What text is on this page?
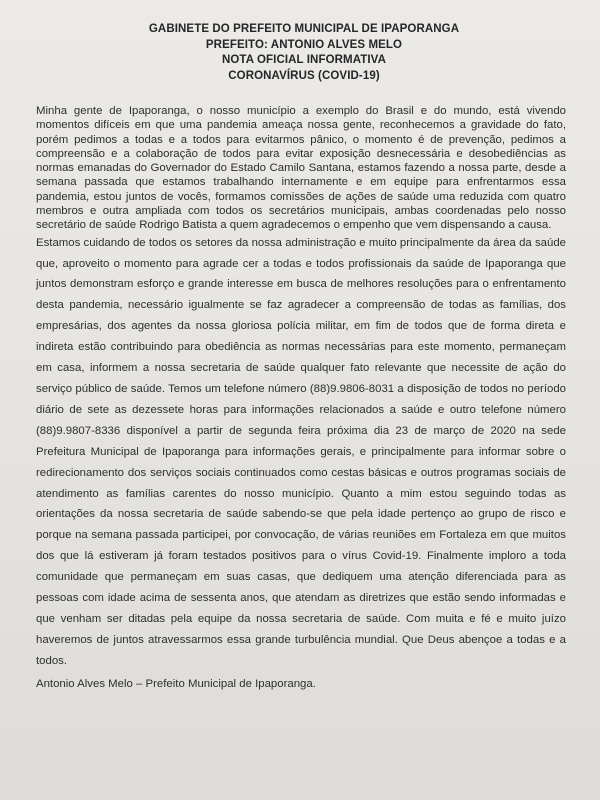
GABINETE DO PREFEITO MUNICIPAL DE IPAPORANGA
PREFEITO: ANTONIO ALVES MELO
NOTA OFICIAL INFORMATIVA
CORONAVÍRUS (COVID-19)

Minha gente de Ipaporanga, o nosso município a exemplo do Brasil e do mundo, está vivendo momentos difíceis em que uma pandemia ameaça nossa gente, reconhecemos a gravidade do fato, porém pedimos a todas e a todos para evitarmos pânico, o momento é de prevenção, pedimos a compreensão e a colaboração de todos para evitar exposição desnecessária e desobediências as normas emanadas do Governador do Estado Camilo Santana, estamos fazendo a nossa parte, desde a semana passada que estamos trabalhando internamente e em equipe para enfrentarmos essa pandemia, estou juntos de vocês, formamos comissões de ações de saúde uma reduzida com quatro membros e outra ampliada com todos os secretários municipais, ambas coordenadas pelo nosso secretário de saúde Rodrigo Batista a quem agradecemos o empenho que vem dispensando a causa.

Estamos cuidando de todos os setores da nossa administração e muito principalmente da área da saúde que, aproveito o momento para agrade cer a todas e todos profissionais da saúde de Ipaporanga que juntos demonstram esforço e grande interesse em busca de melhores resoluções para o enfrentamento desta pandemia, necessário igualmente se faz agradecer a compreensão de todas as famílias, dos empresárias, dos agentes da nossa gloriosa polícia militar, em fim de todos que de forma direta e indireta estão contribuindo para obediência as normas necessárias para este momento, permaneçam em casa, informem a nossa secretaria de saúde qualquer fato relevante que necessite de ação do serviço público de saúde. Temos um telefone número (88)9.9806-8031 a disposição de todos no período diário de sete as dezessete horas para informações relacionados a saúde e outro telefone número (88)9.9807-8336 disponível a partir de segunda feira próxima dia 23 de março de 2020 na sede Prefeitura Municipal de Ipaporanga para informações gerais, e principalmente para informar sobre o redirecionamento dos serviços sociais continuados como cestas básicas e outros programas sociais de atendimento as famílias carentes do nosso município. Quanto a mim estou seguindo todas as orientações da nossa secretaria de saúde sabendo-se que pela idade pertenço ao grupo de risco e porque na semana passada participei, por convocação, de várias reuniões em Fortaleza em que muitos dos que lá estiveram já foram testados positivos para o vírus Covid-19. Finalmente imploro a toda comunidade que permaneçam em suas casas, que dediquem uma atenção diferenciada para as pessoas com idade acima de sessenta anos, que atendam as diretrizes que estão sendo informadas e que venham ser ditadas pela equipe da nossa secretaria de saúde. Com muita e fé e muito juízo haveremos de juntos atravessarmos essa grande turbulência mundial. Que Deus abençoe a todas e a todos.

Antonio Alves Melo – Prefeito Municipal de Ipaporanga.
